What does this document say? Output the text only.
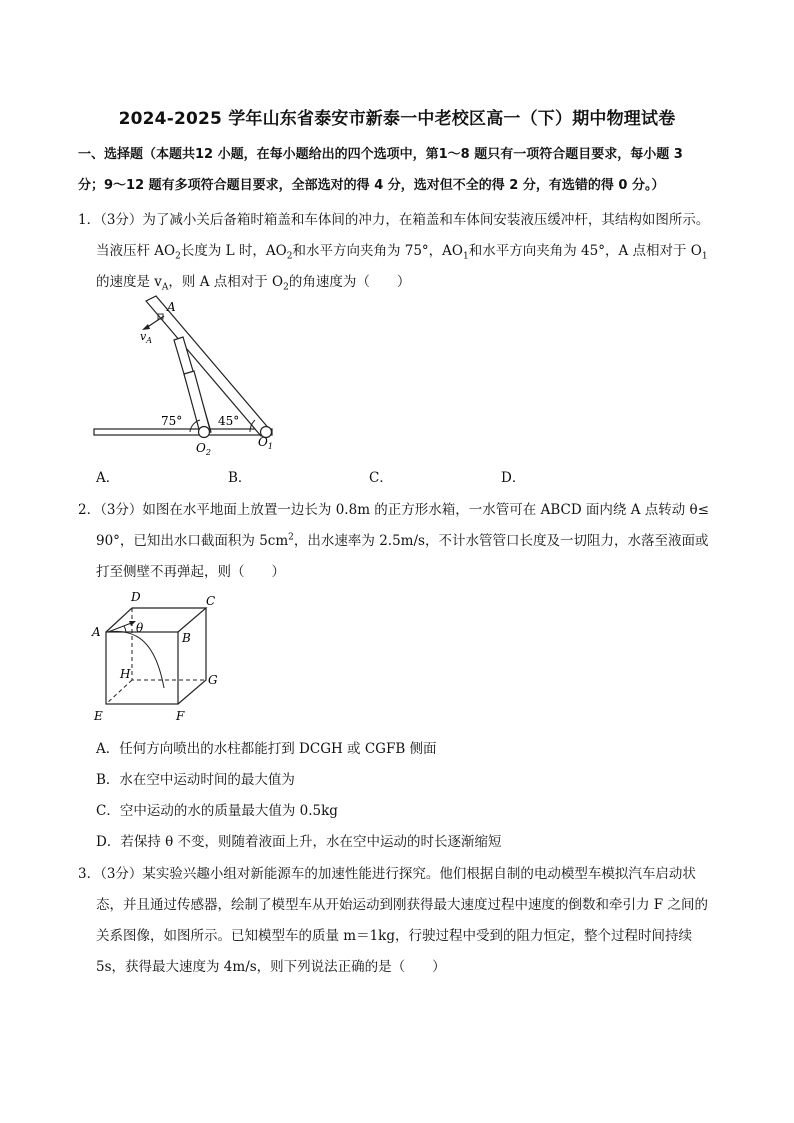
2024-2025 学年山东省泰安市新泰一中老校区高一（下）期中物理试卷
一、选择题（本题共12 小题，在每小题给出的四个选项中，第1～8 题只有一项符合题目要求，每小题 3
分；9～12 题有多项符合题目要求，全部选对的得 4 分，选对但不全的得 2 分，有选错的得 0 分。）
1．（3分）为了减小关后备箱时箱盖和车体间的冲力，在箱盖和车体间安装液压缓冲杆，其结构如图所示。
当液压杆 $AO_2$长度为 L 时，$AO_2$和水平方向夹角为 75°，$AO_1$和水平方向夹角为 45°，A 点相对于 $O_1$
的速度是 $v_A$，则 A 点相对于 $O_2$的角速度为（　　）
A
$v_A$
75°	45°
$O_2$
$O_1$
A．	B．	C．	D．
2．（3分）如图在水平地面上放置一边长为 0.8m 的正方形水箱，一水管可在 ABCD 面内绕 A 点转动 θ≤
90°，已知出水口截面积为 $5cm^2$，出水速率为 2.5m/s，不计水管管口长度及一切阻力，水落至液面或
打至侧壁不再弹起，则（　　）
D	C
A	θ
B
H	G
E	F
A．任何方向喷出的水柱都能打到 DCGH 或 CGFB 侧面
B．水在空中运动时间的最大值为
C．空中运动的水的质量最大值为 0.5kg
D．若保持 θ 不变，则随着液面上升，水在空中运动的时长逐渐缩短
3．（3分）某实验兴趣小组对新能源车的加速性能进行探究。他们根据自制的电动模型车模拟汽车启动状
态，并且通过传感器，绘制了模型车从开始运动到刚获得最大速度过程中速度的倒数和牵引力 F 之间的
关系图像，如图所示。已知模型车的质量 m＝1kg，行驶过程中受到的阻力恒定，整个过程时间持续
5s，获得最大速度为 4m/s，则下列说法正确的是（　　）
